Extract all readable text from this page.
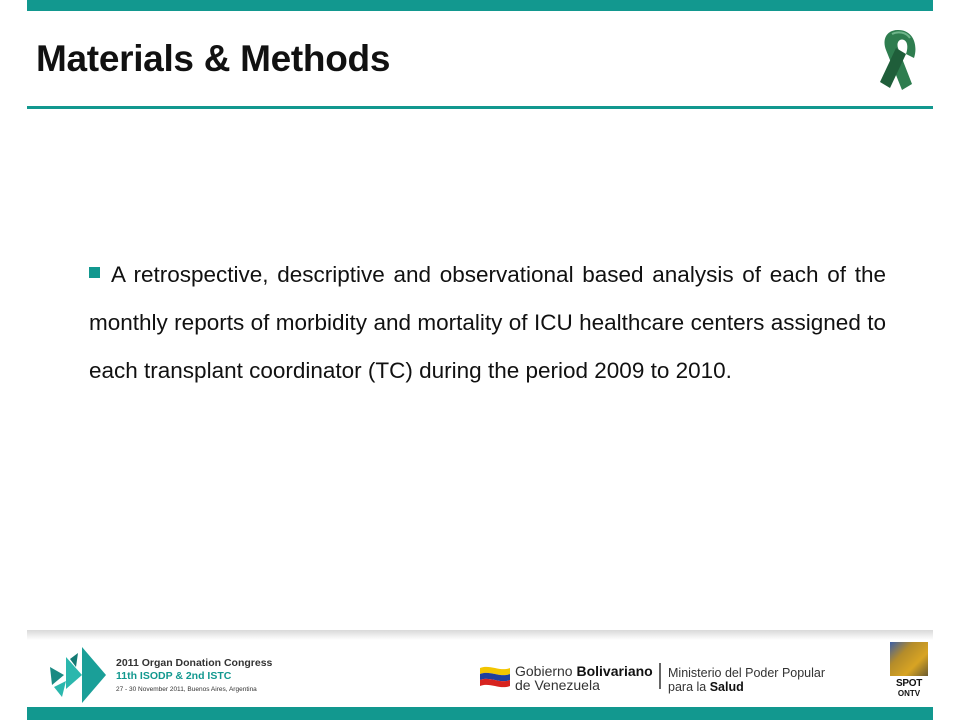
Materials & Methods
A retrospective, descriptive and observational based analysis of each of the monthly reports of morbidity and mortality of ICU healthcare centers assigned to each transplant coordinator (TC) during the period 2009 to 2010.
2011 Organ Donation Congress
11th ISODP & 2nd ISTC
27 - 30 November 2011, Buenos Aires, Argentina
Gobierno Bolivariano
de Venezuela
Ministerio del Poder Popular
para la Salud	SPOT
ONTV
